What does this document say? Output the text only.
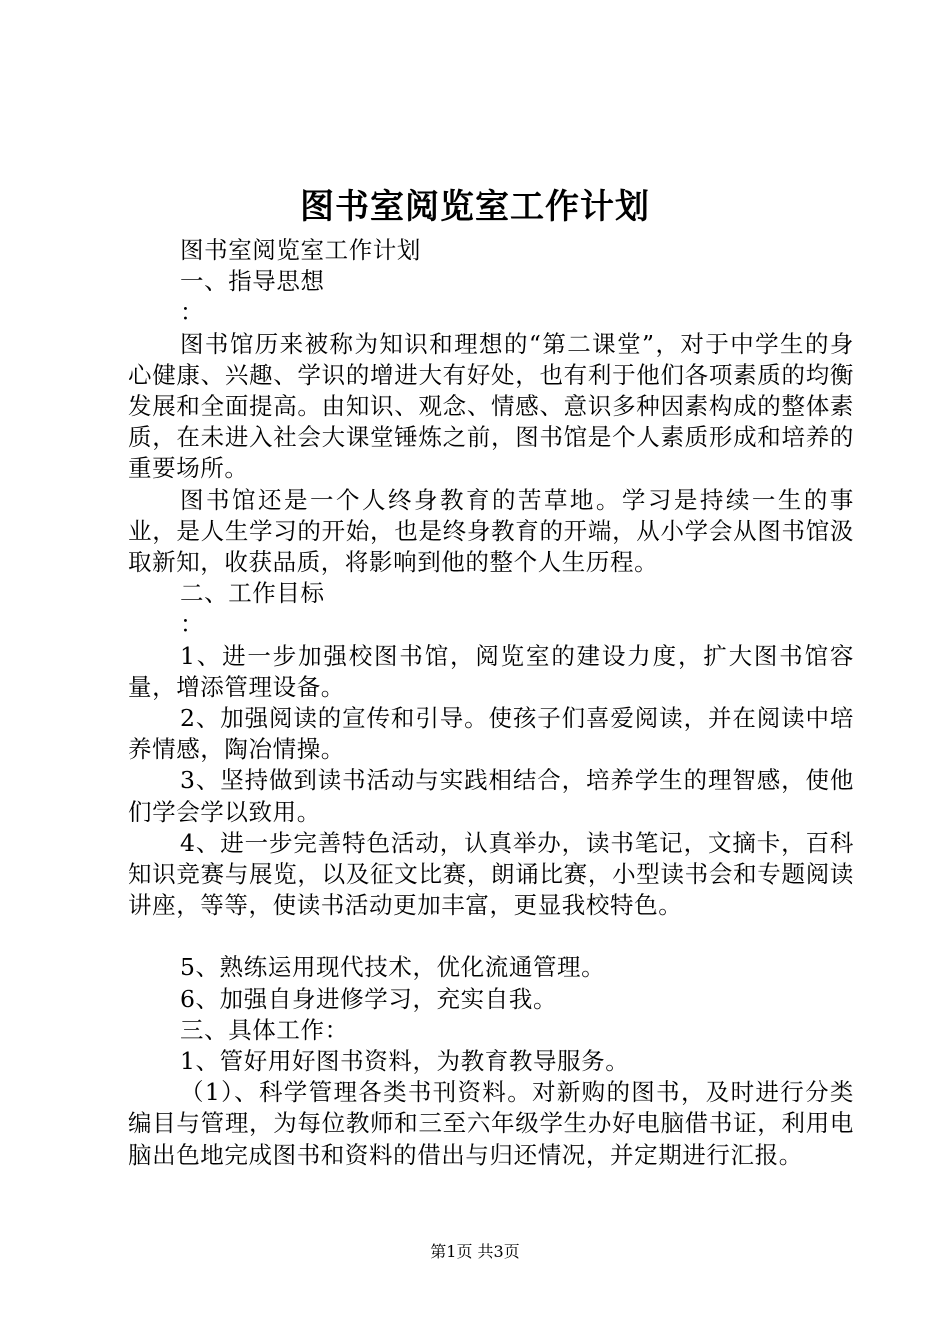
图书室阅览室工作计划

图书室阅览室工作计划

一、指导思想

：

图书馆历来被称为知识和理想的“第二课堂”，对于中学生的身心健康、兴趣、学识的增进大有好处，也有利于他们各项素质的均衡发展和全面提高。由知识、观念、情感、意识多种因素构成的整体素质，在未进入社会大课堂锤炼之前，图书馆是个人素质形成和培养的重要场所。

图书馆还是一个人终身教育的苦草地。学习是持续一生的事业，是人生学习的开始，也是终身教育的开端，从小学会从图书馆汲取新知，收获品质，将影响到他的整个人生历程。

二、工作目标

：

1、进一步加强校图书馆，阅览室的建设力度，扩大图书馆容量，增添管理设备。

2、加强阅读的宣传和引导。使孩子们喜爱阅读，并在阅读中培养情感，陶冶情操。

3、坚持做到读书活动与实践相结合，培养学生的理智感，使他们学会学以致用。

4、进一步完善特色活动，认真举办，读书笔记，文摘卡，百科知识竞赛与展览，以及征文比赛，朗诵比赛，小型读书会和专题阅读讲座，等等，使读书活动更加丰富，更显我校特色。

5、熟练运用现代技术，优化流通管理。

6、加强自身进修学习，充实自我。

三、具体工作：

1、管好用好图书资料，为教育教导服务。

（1）、科学管理各类书刊资料。对新购的图书，及时进行分类编目与管理，为每位教师和三至六年级学生办好电脑借书证，利用电脑出色地完成图书和资料的借出与归还情况，并定期进行汇报。

第1页 共3页
